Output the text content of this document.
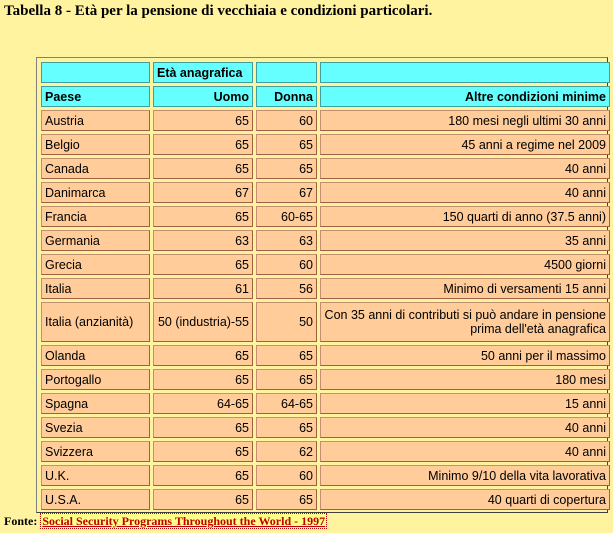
Tabella 8 - Età per la pensione di vecchiaia e condizioni particolari.
	Età anagrafica		
Paese	Uomo	Donna	Altre condizioni minime
Austria	65	60	180 mesi negli ultimi 30 anni
Belgio	65	65	45 anni a regime nel 2009
Canada	65	65	40 anni
Danimarca	67	67	40 anni
Francia	65	60-65	150 quarti di anno (37.5 anni)
Germania	63	63	35 anni
Grecia	65	60	4500 giorni
Italia	61	56	Minimo di versamenti 15 anni
Italia (anzianità)	50 (industria)-55	50	Con 35 anni di contributi si può andare in pensione prima dell'età anagrafica
Olanda	65	65	50 anni per il massimo
Portogallo	65	65	180 mesi
Spagna	64-65	64-65	15 anni
Svezia	65	65	40 anni
Svizzera	65	62	40 anni
U.K.	65	60	Minimo 9/10 della vita lavorativa
U.S.A.	65	65	40 quarti di copertura
Fonte: Social Security Programs Throughout the World - 1997
